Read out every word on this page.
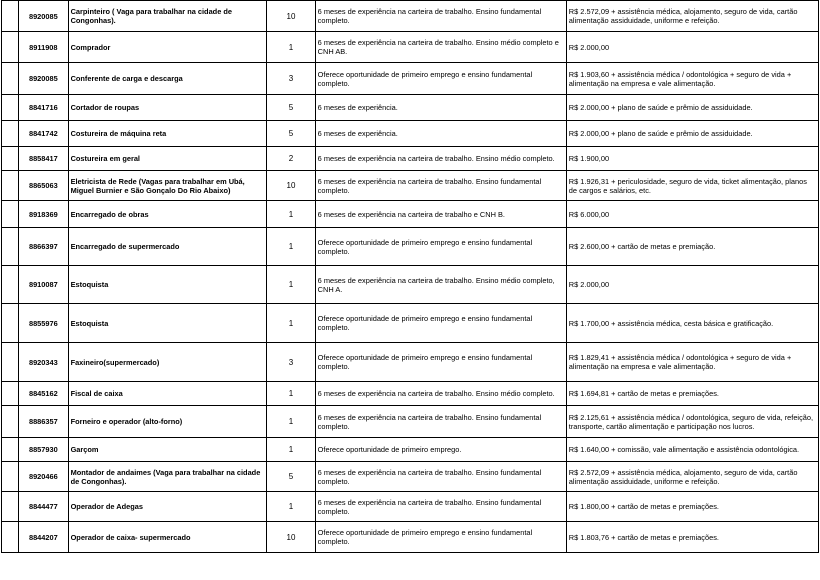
	8920085	Carpinteiro ( Vaga para trabalhar na cidade de Congonhas).	10	6 meses de experiência na carteira de trabalho. Ensino fundamental completo.	R$ 2.572,09 + assistência médica, alojamento, seguro de vida, cartão alimentação assiduidade, uniforme e refeição.
	8911908	Comprador	1	6 meses de experiência na carteira de trabalho. Ensino médio completo e CNH AB.	R$ 2.000,00
	8920085	Conferente de carga e descarga	3	Oferece oportunidade de primeiro emprego e ensino fundamental completo.	R$ 1.903,60 + assistência médica / odontológica + seguro de vida + alimentação na empresa e vale alimentação.
	8841716	Cortador de roupas	5	6 meses de experiência.	R$ 2.000,00 + plano de saúde e prêmio de assiduidade.
	8841742	Costureira de máquina reta	5	6 meses de experiência.	R$ 2.000,00 + plano de saúde e prêmio de assiduidade.
	8858417	Costureira em geral	2	6 meses de experiência na carteira de trabalho. Ensino médio completo.	R$ 1.900,00
	8865063	Eletricista de Rede (Vagas para trabalhar em Ubá, Miguel Burnier e São Gonçalo Do Rio Abaixo)	10	6 meses de experiência na carteira de trabalho. Ensino fundamental completo.	R$ 1.926,31 + periculosidade, seguro de vida, ticket alimentação, planos de cargos e salários, etc.
	8918369	Encarregado de obras	1	6 meses de experiência na carteira de trabalho e CNH B.	R$ 6.000,00
	8866397	Encarregado de supermercado	1	Oferece oportunidade de primeiro emprego e ensino fundamental completo.	R$ 2.600,00 + cartão de metas e premiação.
	8910087	Estoquista	1	6 meses de experiência na carteira de trabalho. Ensino médio completo, CNH A.	R$ 2.000,00
	8855976	Estoquista	1	Oferece oportunidade de primeiro emprego e ensino fundamental completo.	R$ 1.700,00 + assistência médica, cesta básica e gratificação.
	8920343	Faxineiro(supermercado)	3	Oferece oportunidade de primeiro emprego e ensino fundamental completo.	R$ 1.829,41 + assistência médica / odontológica + seguro de vida + alimentação na empresa e vale alimentação.
	8845162	Fiscal de caixa	1	6 meses de experiência na carteira de trabalho. Ensino médio completo.	R$ 1.694,81 + cartão de metas e premiações.
	8886357	Forneiro e operador (alto-forno)	1	6 meses de experiência na carteira de trabalho. Ensino fundamental completo.	R$ 2.125,61 + assistência médica / odontológica, seguro de vida, refeição, transporte, cartão alimentação e participação nos lucros.
	8857930	Garçom	1	Oferece oportunidade de primeiro emprego.	R$ 1.640,00 + comissão, vale alimentação e assistência odontológica.
	8920466	Montador de andaimes (Vaga para trabalhar na cidade de Congonhas).	5	6 meses de experiência na carteira de trabalho. Ensino fundamental completo.	R$ 2.572,09 + assistência médica, alojamento, seguro de vida, cartão alimentação assiduidade, uniforme e refeição.
	8844477	Operador de Adegas	1	6 meses de experiência na carteira de trabalho. Ensino fundamental completo.	R$ 1.800,00 + cartão de metas e premiações.
	8844207	Operador de caixa- supermercado	10	Oferece oportunidade de primeiro emprego e ensino fundamental completo.	R$ 1.803,76 + cartão de metas e premiações.
